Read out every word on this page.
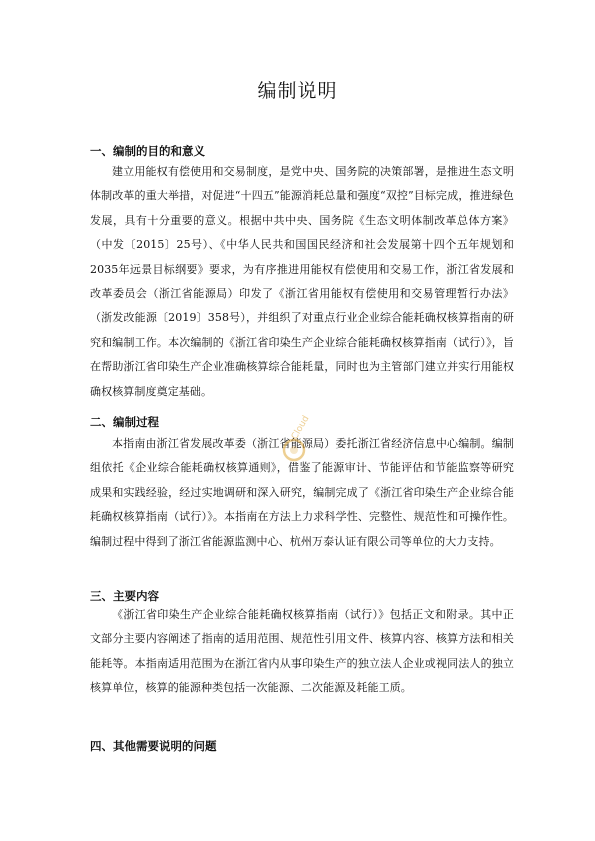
编制说明
一、编制的目的和意义

建立用能权有偿使用和交易制度，是党中央、国务院的决策部署，是推进生态文明体制改革的重大举措，对促进“十四五”能源消耗总量和强度“双控”目标完成，推进绿色发展，具有十分重要的意义。根据中共中央、国务院《生态文明体制改革总体方案》（中发〔2015〕25号）、《中华人民共和国国民经济和社会发展第十四个五年规划和2035年远景目标纲要》要求，为有序推进用能权有偿使用和交易工作，浙江省发展和改革委员会（浙江省能源局）印发了《浙江省用能权有偿使用和交易管理暂行办法》（浙发改能源〔2019〕358号），并组织了对重点行业企业综合能耗确权核算指南的研究和编制工作。本次编制的《浙江省印染生产企业综合能耗确权核算指南（试行）》，旨在帮助浙江省印染生产企业准确核算综合能耗量，同时也为主管部门建立并实行用能权确权核算制度奠定基础。

二、编制过程

本指南由浙江省发展改革委（浙江省能源局）委托浙江省经济信息中心编制。编制组依托《企业综合能耗确权核算通则》，借鉴了能源审计、节能评估和节能监察等研究成果和实践经验，经过实地调研和深入研究，编制完成了《浙江省印染生产企业综合能耗确权核算指南（试行）》。本指南在方法上力求科学性、完整性、规范性和可操作性。编制过程中得到了浙江省能源监测中心、杭州万泰认证有限公司等单位的大力支持。

三、主要内容

《浙江省印染生产企业综合能耗确权核算指南（试行）》包括正文和附录。其中正文部分主要内容阐述了指南的适用范围、规范性引用文件、核算内容、核算方法和相关能耗等。本指南适用范围为在浙江省内从事印染生产的独立法人企业或视同法人的独立核算单位，核算的能源种类包括一次能源、二次能源及耗能工质。

四、其他需要说明的问题
Cloud
